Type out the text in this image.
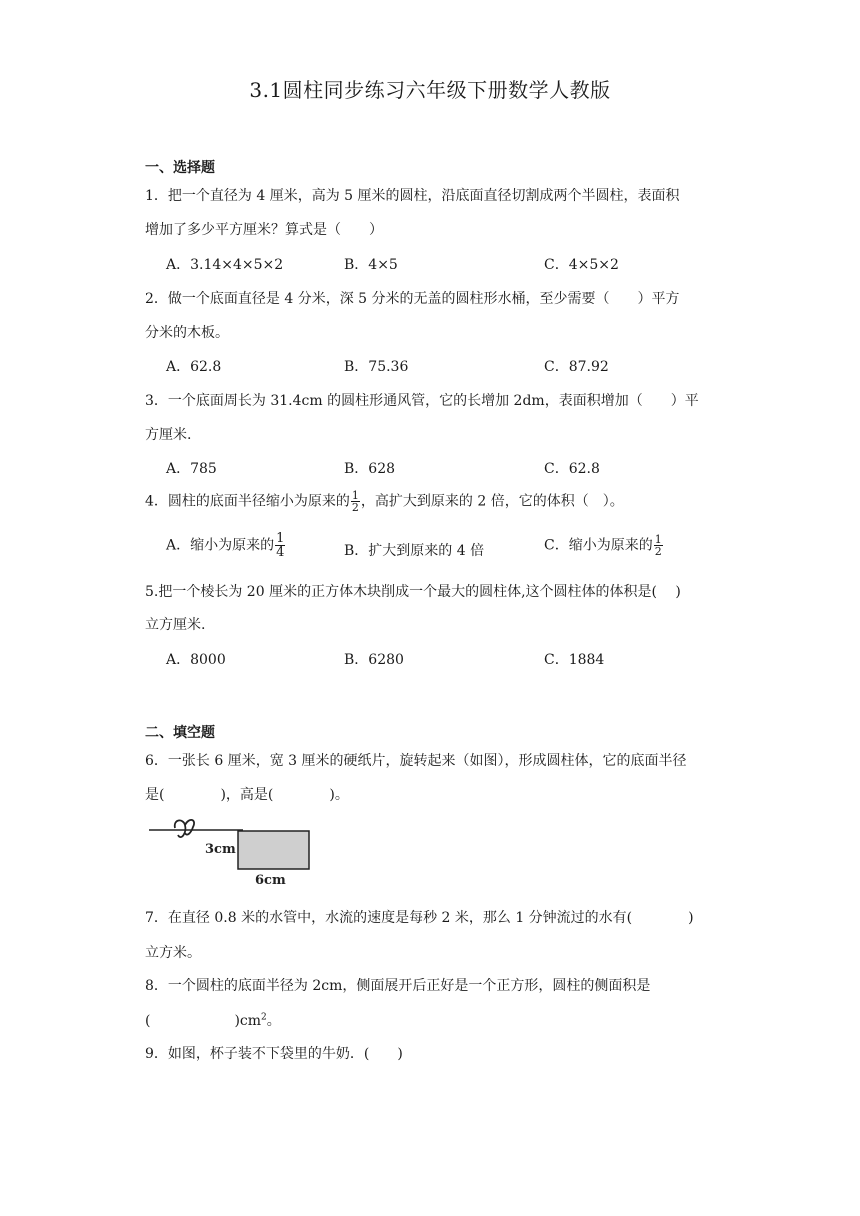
3.1圆柱同步练习六年级下册数学人教版
一、选择题
1．把一个直径为 4 厘米，高为 5 厘米的圆柱，沿底面直径切割成两个半圆柱，表面积
增加了多少平方厘米？算式是（　　）
A．3.14×4×5×2	B．4×5	C．4×5×2
2．做一个底面直径是 4 分米，深 5 分米的无盖的圆柱形水桶，至少需要（　　）平方
分米的木板。
A．62.8	B．75.36	C．87.92
3．一个底面周长为 31.4cm 的圆柱形通风管，它的长增加 2dm，表面积增加（　　）平
方厘米.
A．785	B．628	C．62.8
4．圆柱的底面半径缩小为原来的 $\frac{1}{2}$ ，高扩大到原来的 2 倍，它的体积（　）。
A．缩小为原来的 $\frac{1}{4}$	B．扩大到原来的 4 倍	C．缩小为原来的 $\frac{1}{2}$
5.把一个棱长为 20 厘米的正方体木块削成一个最大的圆柱体,这个圆柱体的体积是(　 )
立方厘米.
A．8000	B．6280	C．1884
二、填空题
6．一张长 6 厘米，宽 3 厘米的硬纸片，旋转起来（如图），形成圆柱体，它的底面半径
是(　　　　)，高是(　　　　)。
3cm
6cm
7．在直径 0.8 米的水管中，水流的速度是每秒 2 米，那么 1 分钟流过的水有(　　　　)
立方米。
8．一个圆柱的底面半径为 2cm，侧面展开后正好是一个正方形，圆柱的侧面积是
(　　　　　　)$cm^2$。
9．如图，杯子装不下袋里的牛奶．(　　)
